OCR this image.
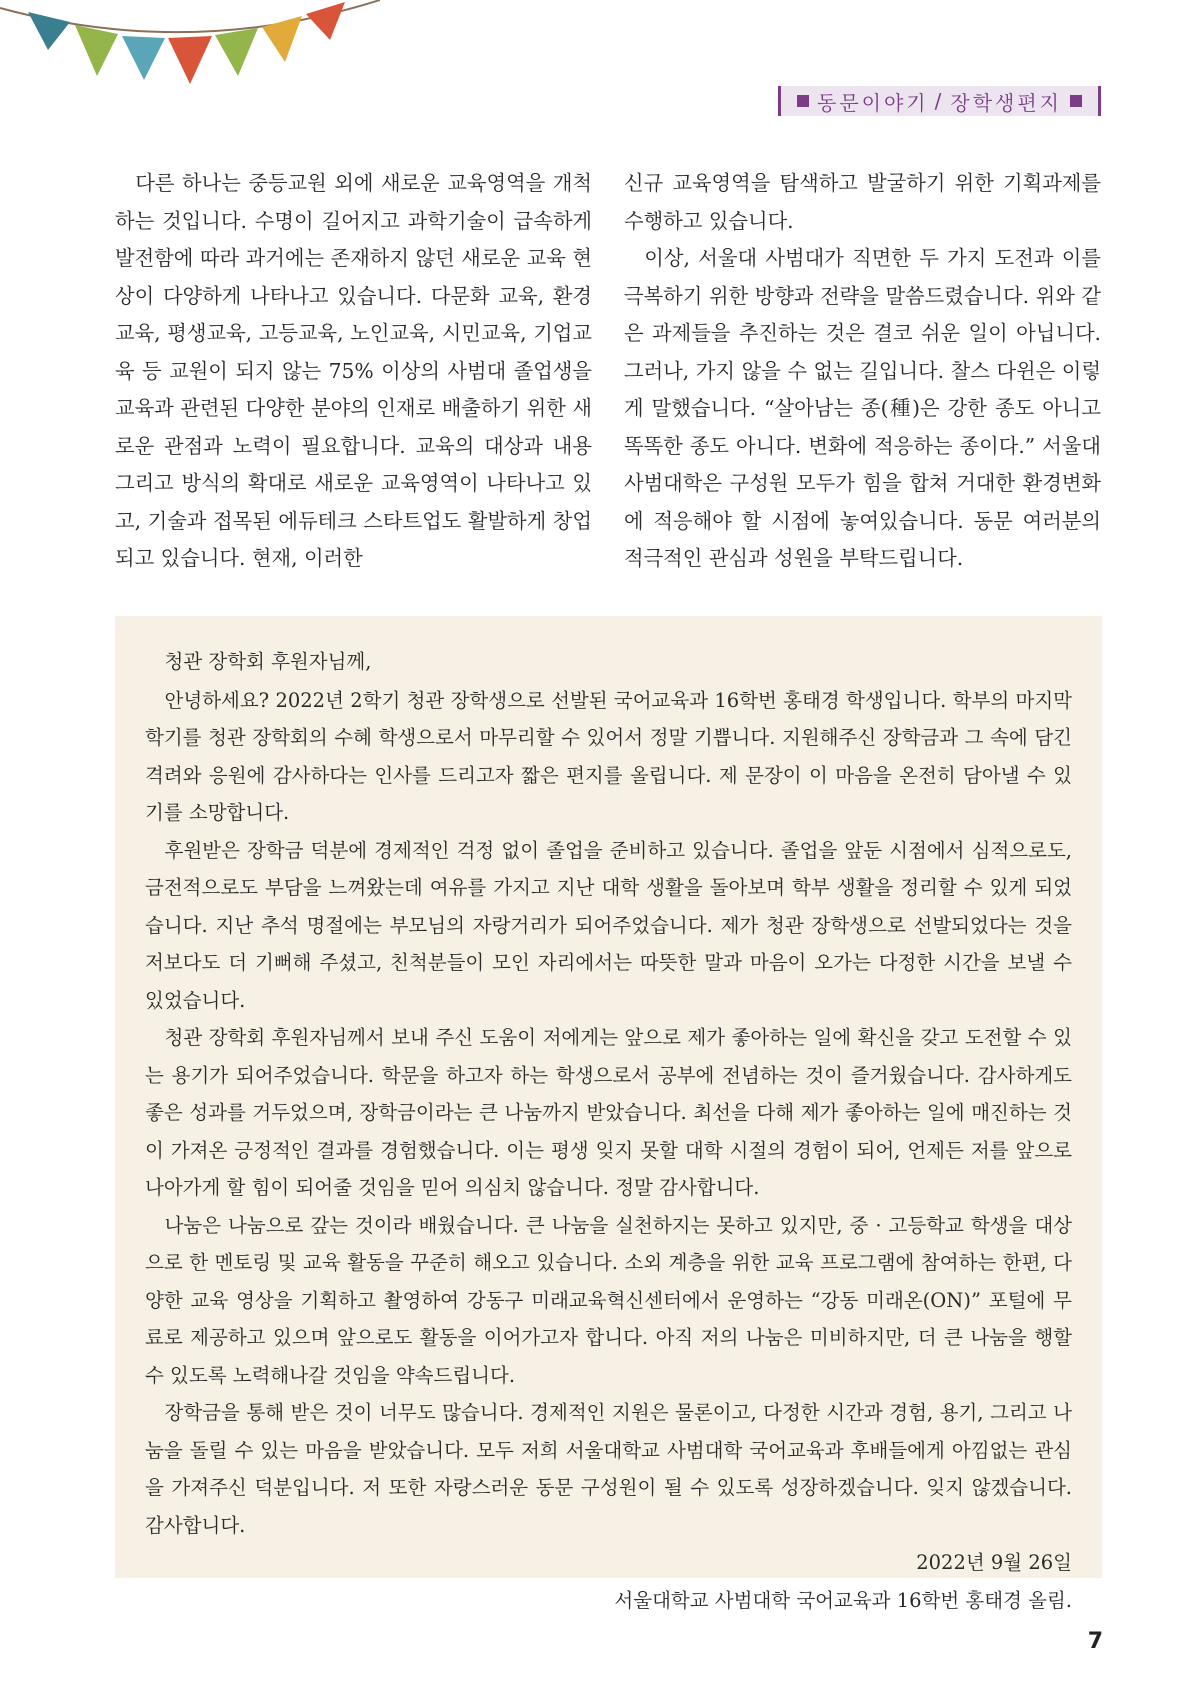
동문이야기 / 장학생편지

다른 하나는 중등교원 외에 새로운 교육영역을 개척하는 것입니다. 수명이 길어지고 과학기술이 급속하게 발전함에 따라 과거에는 존재하지 않던 새로운 교육 현상이 다양하게 나타나고 있습니다. 다문화 교육, 환경교육, 평생교육, 고등교육, 노인교육, 시민교육, 기업교육 등 교원이 되지 않는 75% 이상의 사범대 졸업생을 교육과 관련된 다양한 분야의 인재로 배출하기 위한 새로운 관점과 노력이 필요합니다. 교육의 대상과 내용 그리고 방식의 확대로 새로운 교육영역이 나타나고 있고, 기술과 접목된 에듀테크 스타트업도 활발하게 창업되고 있습니다. 현재, 이러한

신규 교육영역을 탐색하고 발굴하기 위한 기획과제를 수행하고 있습니다.

이상, 서울대 사범대가 직면한 두 가지 도전과 이를 극복하기 위한 방향과 전략을 말씀드렸습니다. 위와 같은 과제들을 추진하는 것은 결코 쉬운 일이 아닙니다. 그러나, 가지 않을 수 없는 길입니다. 찰스 다윈은 이렇게 말했습니다. “살아남는 종(種)은 강한 종도 아니고 똑똑한 종도 아니다. 변화에 적응하는 종이다.” 서울대 사범대학은 구성원 모두가 힘을 합쳐 거대한 환경변화에 적응해야 할 시점에 놓여있습니다. 동문 여러분의 적극적인 관심과 성원을 부탁드립니다.

청관 장학회 후원자님께,

안녕하세요? 2022년 2학기 청관 장학생으로 선발된 국어교육과 16학번 홍태경 학생입니다. 학부의 마지막 학기를 청관 장학회의 수혜 학생으로서 마무리할 수 있어서 정말 기쁩니다. 지원해주신 장학금과 그 속에 담긴 격려와 응원에 감사하다는 인사를 드리고자 짧은 편지를 올립니다. 제 문장이 이 마음을 온전히 담아낼 수 있기를 소망합니다.

후원받은 장학금 덕분에 경제적인 걱정 없이 졸업을 준비하고 있습니다. 졸업을 앞둔 시점에서 심적으로도, 금전적으로도 부담을 느껴왔는데 여유를 가지고 지난 대학 생활을 돌아보며 학부 생활을 정리할 수 있게 되었습니다. 지난 추석 명절에는 부모님의 자랑거리가 되어주었습니다. 제가 청관 장학생으로 선발되었다는 것을 저보다도 더 기뻐해 주셨고, 친척분들이 모인 자리에서는 따뜻한 말과 마음이 오가는 다정한 시간을 보낼 수 있었습니다.

청관 장학회 후원자님께서 보내 주신 도움이 저에게는 앞으로 제가 좋아하는 일에 확신을 갖고 도전할 수 있는 용기가 되어주었습니다. 학문을 하고자 하는 학생으로서 공부에 전념하는 것이 즐거웠습니다. 감사하게도 좋은 성과를 거두었으며, 장학금이라는 큰 나눔까지 받았습니다. 최선을 다해 제가 좋아하는 일에 매진하는 것이 가져온 긍정적인 결과를 경험했습니다. 이는 평생 잊지 못할 대학 시절의 경험이 되어, 언제든 저를 앞으로 나아가게 할 힘이 되어줄 것임을 믿어 의심치 않습니다. 정말 감사합니다.

나눔은 나눔으로 갚는 것이라 배웠습니다. 큰 나눔을 실천하지는 못하고 있지만, 중 · 고등학교 학생을 대상으로 한 멘토링 및 교육 활동을 꾸준히 해오고 있습니다. 소외 계층을 위한 교육 프로그램에 참여하는 한편, 다양한 교육 영상을 기획하고 촬영하여 강동구 미래교육혁신센터에서 운영하는 “강동 미래온(ON)” 포털에 무료로 제공하고 있으며 앞으로도 활동을 이어가고자 합니다. 아직 저의 나눔은 미비하지만, 더 큰 나눔을 행할 수 있도록 노력해나갈 것임을 약속드립니다.

장학금을 통해 받은 것이 너무도 많습니다. 경제적인 지원은 물론이고, 다정한 시간과 경험, 용기, 그리고 나눔을 돌릴 수 있는 마음을 받았습니다. 모두 저희 서울대학교 사범대학 국어교육과 후배들에게 아낌없는 관심을 가져주신 덕분입니다. 저 또한 자랑스러운 동문 구성원이 될 수 있도록 성장하겠습니다. 잊지 않겠습니다. 감사합니다.

2022년 9월 26일

서울대학교 사범대학 국어교육과 16학번 홍태경 올림.

7
